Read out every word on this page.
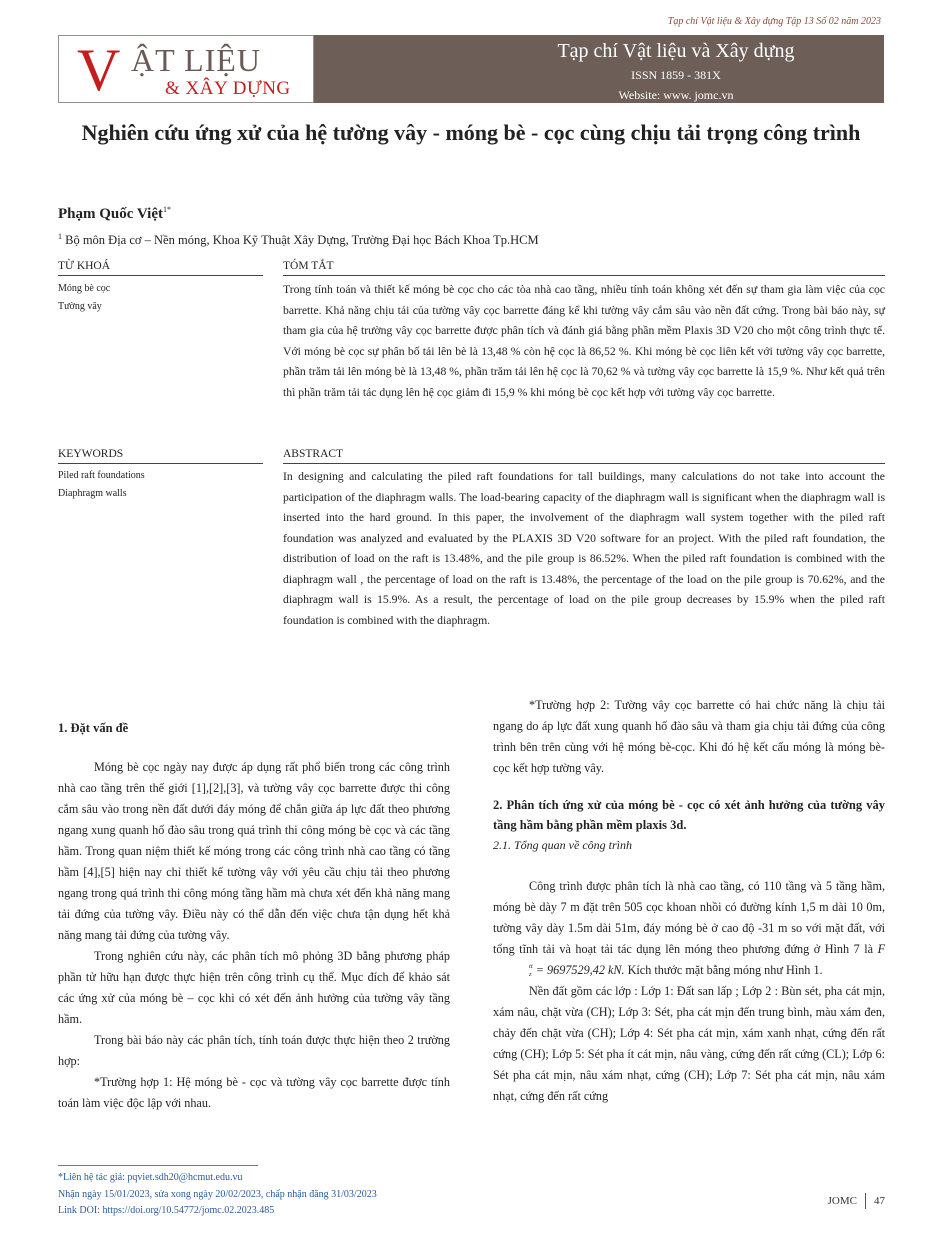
Tạp chí Vật liệu & Xây dựng Tập 13 Số 02 năm 2023
V ẬT LIỆU
& XÂY DỰNG
Tạp chí Vật liệu và Xây dựng
ISSN 1859 - 381X
Website: www. jomc.vn
Nghiên cứu ứng xử của hệ tường vây - móng bè - cọc cùng chịu tải trọng công trình
Phạm Quốc Việt$^{1*}$
$^1$ Bộ môn Địa cơ – Nền móng, Khoa Kỹ Thuật Xây Dựng, Trường Đại học Bách Khoa Tp.HCM
TỪ KHOÁ
Móng bè cọc
Tường vây
TÓM TẮT

Trong tính toán và thiết kế móng bè cọc cho các tòa nhà cao tầng, nhiều tính toán không xét đến sự tham gia làm việc của cọc barrette. Khả năng chịu tải của tường vây cọc barrette đáng kể khi tường vây cắm sâu vào nền đất cứng. Trong bài báo này, sự tham gia của hệ trường vây cọc barrette được phân tích và đánh giá bằng phần mềm Plaxis 3D V20 cho một công trình thực tế. Với móng bè cọc sự phân bố tải lên bè là 13,48 % còn hệ cọc là 86,52 %. Khi móng bè cọc liên kết với tường vây cọc barrette, phần trăm tải lên móng bè là 13,48 %, phần trăm tải lên hệ cọc là 70,62 % và tường vây cọc barrette là 15,9 %. Như kết quả trên thì phần trăm tải tác dụng lên hệ cọc giảm đi 15,9 % khi móng bè cọc kết hợp với tường vây cọc barrette.

KEYWORDS
Piled raft foundations
Diaphragm walls
ABSTRACT

In designing and calculating the piled raft foundations for tall buildings, many calculations do not take into account the participation of the diaphragm walls. The load-bearing capacity of the diaphragm wall is significant when the diaphragm wall is inserted into the hard ground. In this paper, the involvement of the diaphragm wall system together with the piled raft foundation was analyzed and evaluated by the PLAXIS 3D V20 software for an project. With the piled raft foundation, the distribution of load on the raft is 13.48%, and the pile group is 86.52%. When the piled raft foundation is combined with the diaphragm wall , the percentage of load on the raft is 13.48%, the percentage of the load on the pile group is 70.62%, and the diaphragm wall is 15.9%. As a result, the percentage of load on the pile group decreases by 15.9% when the piled raft foundation is combined with the diaphragm.

1. Đặt vấn đề

Móng bè cọc ngày nay được áp dụng rất phổ biến trong các công trình nhà cao tầng trên thế giới [1],[2],[3], và tường vây cọc barrette được thi công cắm sâu vào trong nền đất dưới đáy móng để chắn giữa áp lực đất theo phương ngang xung quanh hố đào sâu trong quá trình thi công móng bè cọc và các tầng hầm. Trong quan niệm thiết kế móng trong các công trình nhà cao tầng có tầng hầm [4],[5] hiện nay chỉ thiết kế tường vây với yêu cầu chịu tải theo phương ngang trong quá trình thi công móng tầng hầm mà chưa xét đến khả năng mang tải đứng của tường vây. Điều này có thể dẫn đến việc chưa tận dụng hết khả năng mang tải đứng của tường vây.

Trong nghiên cứu này, các phân tích mô phỏng 3D bằng phương pháp phần tử hữu hạn được thực hiện trên công trình cụ thể. Mục đích để khảo sát các ứng xử của móng bè – cọc khi có xét đến ảnh hưởng của tường vây tầng hầm.

Trong bài báo này các phân tích, tính toán được thực hiện theo 2 trường hợp:

*Trường hợp 1: Hệ móng bè - cọc và tường vây cọc barrette được tính toán làm việc độc lập với nhau.

*Trường hợp 2: Tường vây cọc barrette có hai chức năng là chịu tải ngang do áp lực đất xung quanh hố đào sâu và tham gia chịu tải đứng của công trình bên trên cùng với hệ móng bè-cọc. Khi đó hệ kết cấu móng là móng bè-cọc kết hợp tường vây.

2. Phân tích ứng xử của móng bè - cọc có xét ảnh hưởng của tường vây tầng hầm bằng phần mềm plaxis 3d.

2.1. Tổng quan về công trình

Công trình được phân tích là nhà cao tầng, có 110 tầng và 5 tầng hầm, móng bè dày 7 m đặt trên 505 cọc khoan nhồi có đường kính 1,5 m dài 10 0m, tường vây dày 1.5m dài 51m, đáy móng bè ở cao độ -31 m so với mặt đất, với tổng tĩnh tải và hoạt tải tác dụng lên móng theo phương đứng ở Hình 7 là F
tt
z = 9697529,42 kN. Kích thước mặt bằng móng như Hình 1.

Nền đất gồm các lớp : Lớp 1: Đất san lấp ; Lớp 2 : Bùn sét, pha cát mịn, xám nâu, chặt vừa (CH); Lớp 3: Sét, pha cát mịn đến trung bình, màu xám đen, chảy đến chặt vừa (CH); Lớp 4: Sét pha cát mịn, xám xanh nhạt, cứng đến rất cứng (CH); Lớp 5: Sét pha ít cát mịn, nâu vàng, cứng đến rất cứng (CL); Lớp 6: Sét pha cát mịn, nâu xám nhạt, cứng (CH); Lớp 7: Sét pha cát mịn, nâu xám nhạt, cứng đến rất cứng

*Liên hệ tác giả: pqviet.sdh20@hcmut.edu.vu
Nhận ngày 15/01/2023, sửa xong ngày 20/02/2023, chấp nhận đăng 31/03/2023
Link DOI: https://doi.org/10.54772/jomc.02.2023.485
JOMC 47
